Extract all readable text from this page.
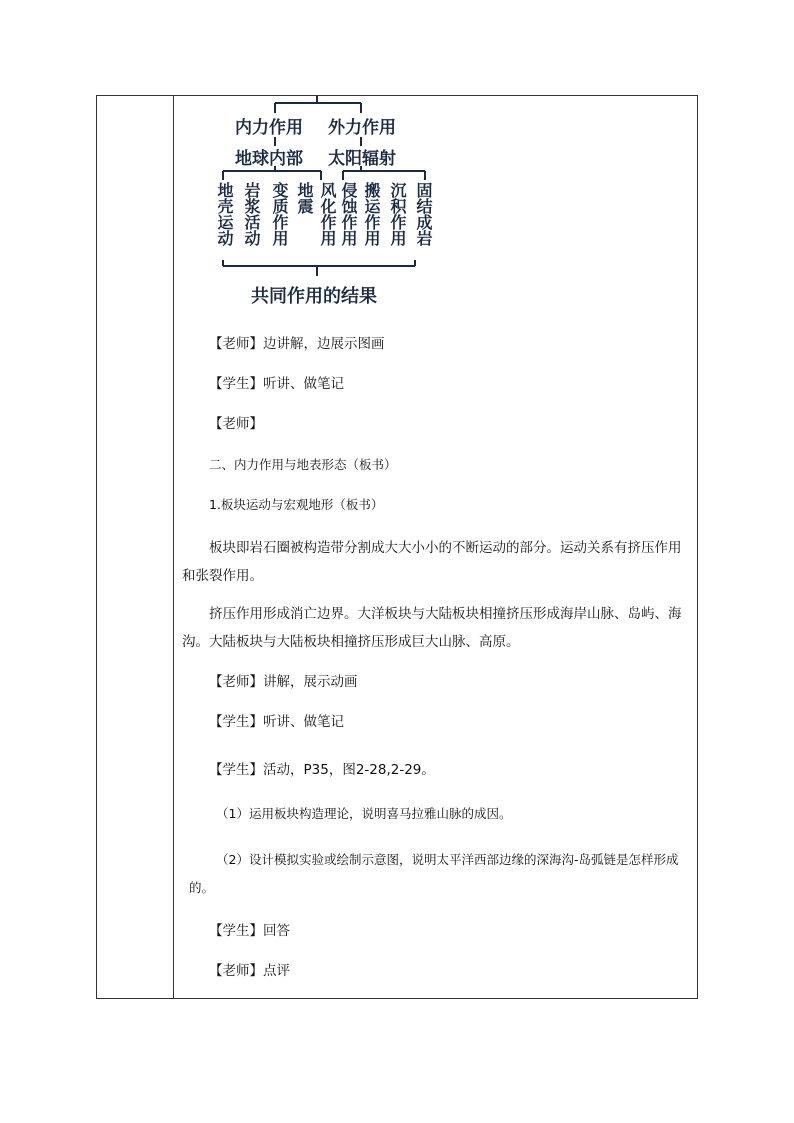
内力作用 外力作用
地球内部 太阳辐射
地壳运动 岩浆活动 变质作用 地震 风化作用 侵蚀作用 搬运作用 沉积作用 固结成岩
共同作用的结果
【老师】边讲解，边展示图画
【学生】听讲、做笔记
【老师】
二、内力作用与地表形态（板书）
1.板块运动与宏观地形（板书）
板块即岩石圈被构造带分割成大大小小的不断运动的部分。运动关系有挤压作用和张裂作用。
挤压作用形成消亡边界。大洋板块与大陆板块相撞挤压形成海岸山脉、岛屿、海沟。大陆板块与大陆板块相撞挤压形成巨大山脉、高原。
【老师】讲解，展示动画
【学生】听讲、做笔记
【学生】活动，P35，图2-28,2-29。
（1）运用板块构造理论，说明喜马拉雅山脉的成因。
（2）设计模拟实验或绘制示意图，说明太平洋西部边缘的深海沟-岛弧链是怎样形成的。
【学生】回答
【老师】点评
